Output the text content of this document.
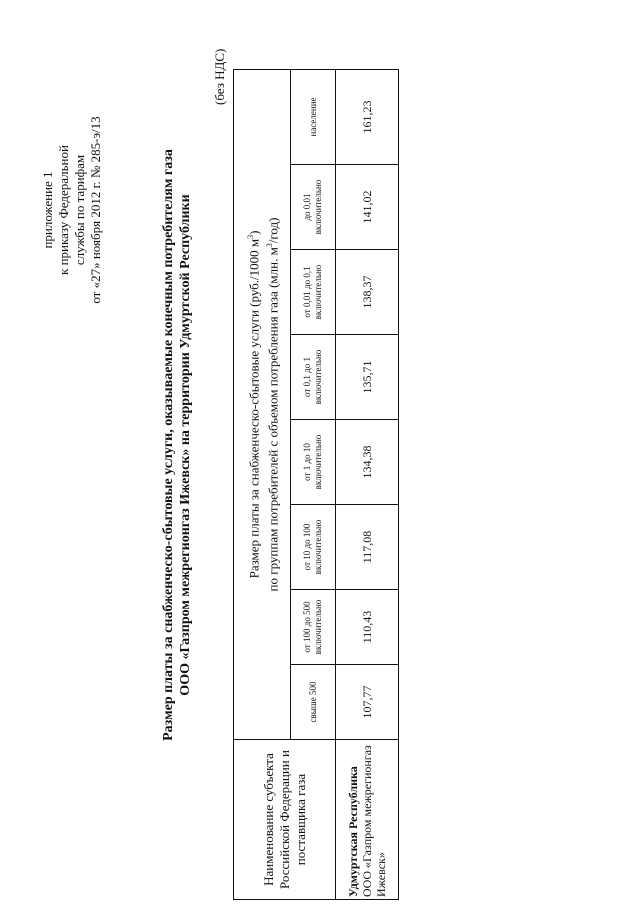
приложение 1 к приказу Федеральной службы по тарифам от «27» ноября 2012 г. № 285-э/13	Размер платы за снабженческо-сбытовые услуги, оказываемые конечным потребителям газа ООО «Газпром межрегионгаз Ижевск» на территории Удмуртской Республики
(без НДС)
Наименование субъекта Российской Федерации и поставщика газа	Размер платы за снабженческо-сбытовые услуги (руб./1000 $м^3$)
по группам потребителей с объемом потребления газа (млн. $м^3/год$)							
	свыше 500	от 100 до 500 включительно	от 10 до 100 включительно	от 1 до 10 включительно	от 0,1 до 1 включительно	от 0,01 до 0,1 включительно	до 0,01 включительно	население

Удмуртская Республика ООО «Газпром межрегионгаз Ижевск»	107,77	110,43	117,08	134,38	135,71	138,37	141,02	161,23
